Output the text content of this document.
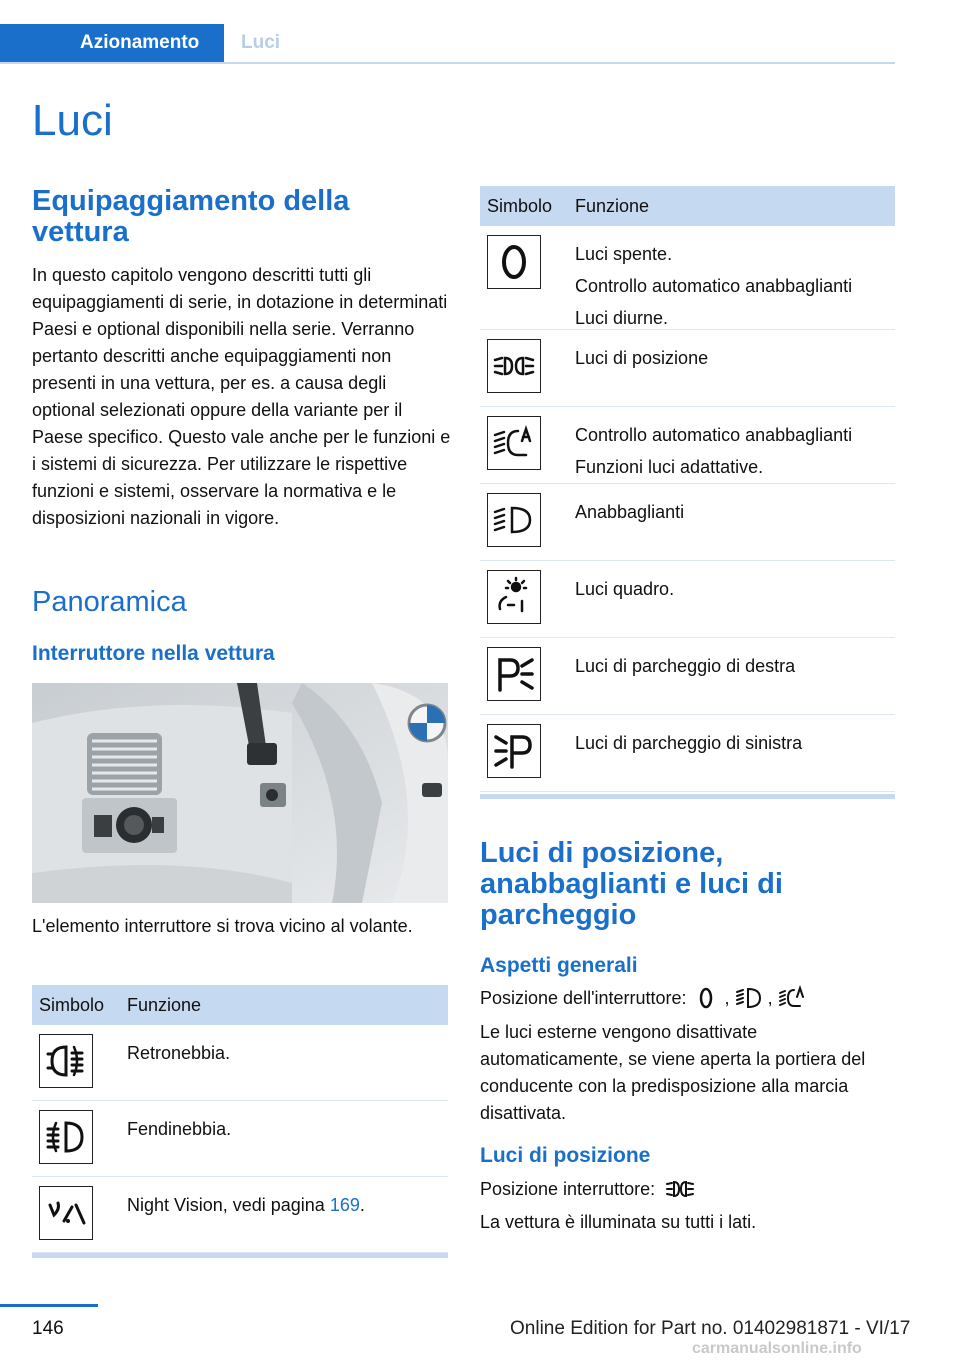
Azionamento Luci
Luci
Equipaggiamento della vettura
In questo capitolo vengono descritti tutti gli equipaggiamenti di serie, in dotazione in determinati Paesi e optional disponibili nella serie. Verranno pertanto descritti anche equipaggiamenti non presenti in una vettura, per es. a causa degli optional selezionati oppure della variante per il Paese specifico. Questo vale anche per le funzioni e i sistemi di sicurezza. Per utilizzare le rispettive funzioni e sistemi, osservare la normativa e le disposizioni nazionali in vigore.
Panoramica
Interruttore nella vettura
L'elemento interruttore si trova vicino al volante.
Simbolo Funzione
Retronebbia.
Fendinebbia.
Night Vision, vedi pagina 169.
Simbolo Funzione
Luci spente.
Controllo automatico anabbaglianti
Luci diurne.
Luci di posizione
Controllo automatico anabbaglianti
Funzioni luci adattative.
Anabbaglianti
Luci quadro.
Luci di parcheggio di destra
Luci di parcheggio di sinistra
Luci di posizione, anabbaglianti e luci di parcheggio
Aspetti generali
Posizione dell'interruttore: , ,
Le luci esterne vengono disattivate automaticamente, se viene aperta la portiera del conducente con la predisposizione alla marcia disattivata.
Luci di posizione
Posizione interruttore:
La vettura è illuminata su tutti i lati.
146	Online Edition for Part no. 01402981871 - VI/17
carmanualsonline.info
